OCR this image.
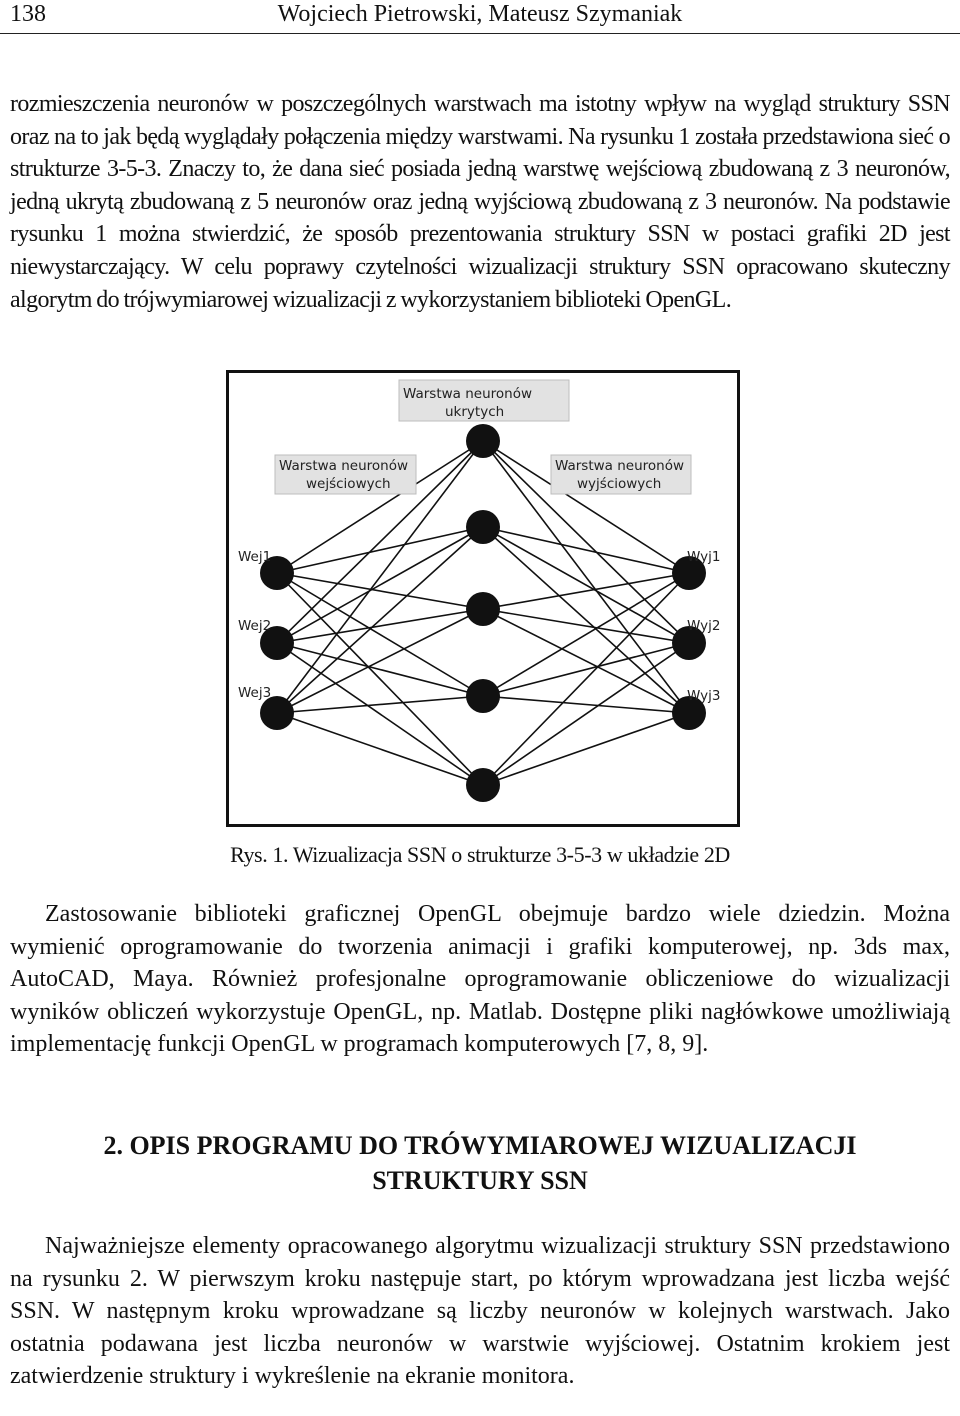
138	Wojciech Pietrowski, Mateusz Szymaniak

rozmieszczenia neuronów w poszczególnych warstwach ma istotny wpływ na wygląd struktury SSN oraz na to jak będą wyglądały połączenia między warstwami. Na rysunku 1 została przedstawiona sieć o strukturze 3-5-3. Znaczy to, że dana sieć posiada jedną warstwę wejściową zbudowaną z 3 neuronów, jedną ukrytą zbudowaną z 5 neuronów oraz jedną wyjściową zbudowaną z 3 neuronów. Na podstawie rysunku 1 można stwierdzić, że sposób prezentowania struktury SSN w postaci grafiki 2D jest niewystarczający. W celu poprawy czytelności wizualizacji struktury SSN opracowano skuteczny algorytm do trójwymiarowej wizualizacji z wykorzystaniem biblioteki OpenGL.

Warstwa neuronów
ukrytych
Warstwa neuronów
wejściowych
Warstwa neuronów
wyjściowych
Wej1
Wej2
Wej3
Wyj1
Wyj2
Wyj3
Rys. 1. Wizualizacja SSN o strukturze 3-5-3 w układzie 2D

Zastosowanie biblioteki graficznej OpenGL obejmuje bardzo wiele dziedzin. Można wymienić oprogramowanie do tworzenia animacji i grafiki komputerowej, np. 3ds max, AutoCAD, Maya. Również profesjonalne oprogramowanie obliczeniowe do wizualizacji wyników obliczeń wykorzystuje OpenGL, np. Matlab. Dostępne pliki nagłówkowe umożliwiają implementację funkcji OpenGL w programach komputerowych [7, 8, 9].

2. OPIS PROGRAMU DO TRÓWYMIAROWEJ WIZUALIZACJI
STRUKTURY SSN

Najważniejsze elementy opracowanego algorytmu wizualizacji struktury SSN przedstawiono na rysunku 2. W pierwszym kroku następuje start, po którym wprowadzana jest liczba wejść SSN. W następnym kroku wprowadzane są liczby neuronów w kolejnych warstwach. Jako ostatnia podawana jest liczba neuronów w warstwie wyjściowej. Ostatnim krokiem jest zatwierdzenie struktury i wykreślenie na ekranie monitora.
